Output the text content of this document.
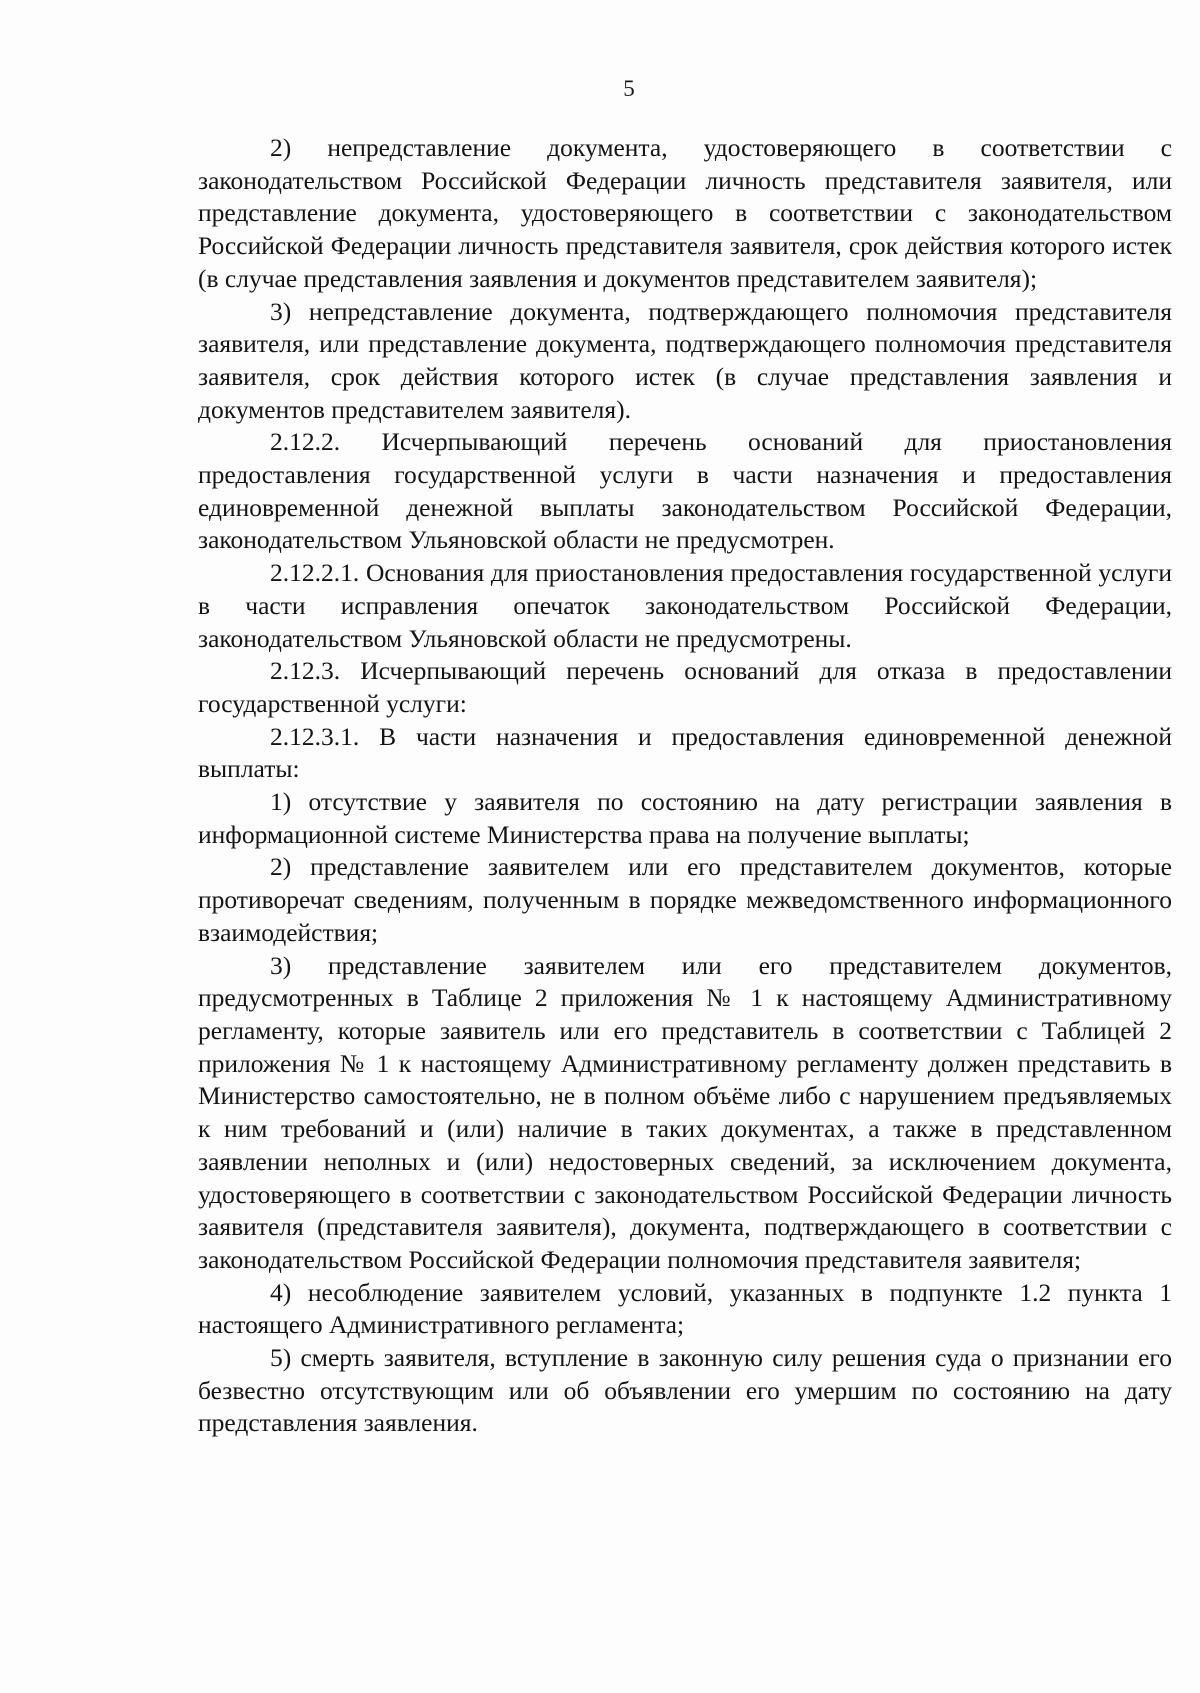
5

2) непредставление документа, удостоверяющего в соответствии с законодательством Российской Федерации личность представителя заявителя, или представление документа, удостоверяющего в соответствии с законодательством Российской Федерации личность представителя заявителя, срок действия которого истек (в случае представления заявления и документов представителем заявителя);

3) непредставление документа, подтверждающего полномочия представителя заявителя, или представление документа, подтверждающего полномочия представителя заявителя, срок действия которого истек (в случае представления заявления и документов представителем заявителя).

2.12.2. Исчерпывающий перечень оснований для приостановления предоставления государственной услуги в части назначения и предоставления единовременной денежной выплаты законодательством Российской Федерации, законодательством Ульяновской области не предусмотрен.

2.12.2.1. Основания для приостановления предоставления государственной услуги в части исправления опечаток законодательством Российской Федерации, законодательством Ульяновской области не предусмотрены.

2.12.3. Исчерпывающий перечень оснований для отказа в предоставлении государственной услуги:

2.12.3.1. В части назначения и предоставления единовременной денежной выплаты:

1) отсутствие у заявителя по состоянию на дату регистрации заявления в информационной системе Министерства права на получение выплаты;

2) представление заявителем или его представителем документов, которые противоречат сведениям, полученным в порядке межведомственного информационного взаимодействия;

3) представление заявителем или его представителем документов, предусмотренных в Таблице 2 приложения № 1 к настоящему Административному регламенту, которые заявитель или его представитель в соответствии с Таблицей 2 приложения № 1 к настоящему Административному регламенту должен представить в Министерство самостоятельно, не в полном объёме либо с нарушением предъявляемых к ним требований и (или) наличие в таких документах, а также в представленном заявлении неполных и (или) недостоверных сведений, за исключением документа, удостоверяющего в соответствии с законодательством Российской Федерации личность заявителя (представителя заявителя), документа, подтверждающего в соответствии с законодательством Российской Федерации полномочия представителя заявителя;

4) несоблюдение заявителем условий, указанных в подпункте 1.2 пункта 1 настоящего Административного регламента;

5) смерть заявителя, вступление в законную силу решения суда о признании его безвестно отсутствующим или об объявлении его умершим по состоянию на дату представления заявления.
